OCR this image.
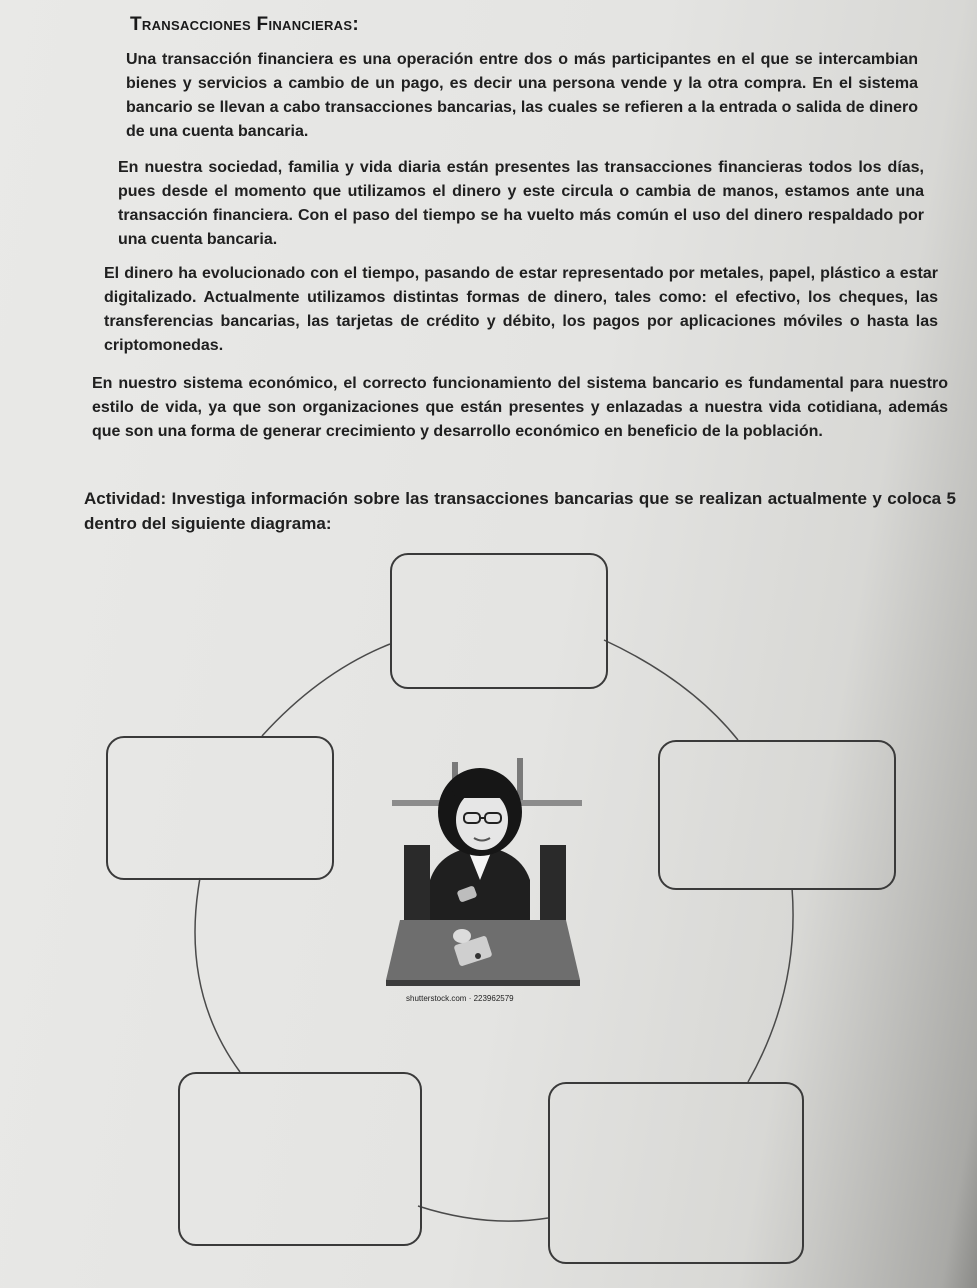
Transacciones Financieras:

Una transacción financiera es una operación entre dos o más participantes en el que se intercambian bienes y servicios a cambio de un pago, es decir una persona vende y la otra compra. En el sistema bancario se llevan a cabo transacciones bancarias, las cuales se refieren a la entrada o salida de dinero de una cuenta bancaria.

En nuestra sociedad, familia y vida diaria están presentes las transacciones financieras todos los días, pues desde el momento que utilizamos el dinero y este circula o cambia de manos, estamos ante una transacción financiera. Con el paso del tiempo se ha vuelto más común el uso del dinero respaldado por una cuenta bancaria.

El dinero ha evolucionado con el tiempo, pasando de estar representado por metales, papel, plástico a estar digitalizado. Actualmente utilizamos distintas formas de dinero, tales como: el efectivo, los cheques, las transferencias bancarias, las tarjetas de crédito y débito, los pagos por aplicaciones móviles o hasta las criptomonedas.

En nuestro sistema económico, el correcto funcionamiento del sistema bancario es fundamental para nuestro estilo de vida, ya que son organizaciones que están presentes y enlazadas a nuestra vida cotidiana, además que son una forma de generar crecimiento y desarrollo económico en beneficio de la población.

Actividad: Investiga información sobre las transacciones bancarias que se realizan actualmente y coloca 5 dentro del siguiente diagrama:

shutterstock.com · 223962579
